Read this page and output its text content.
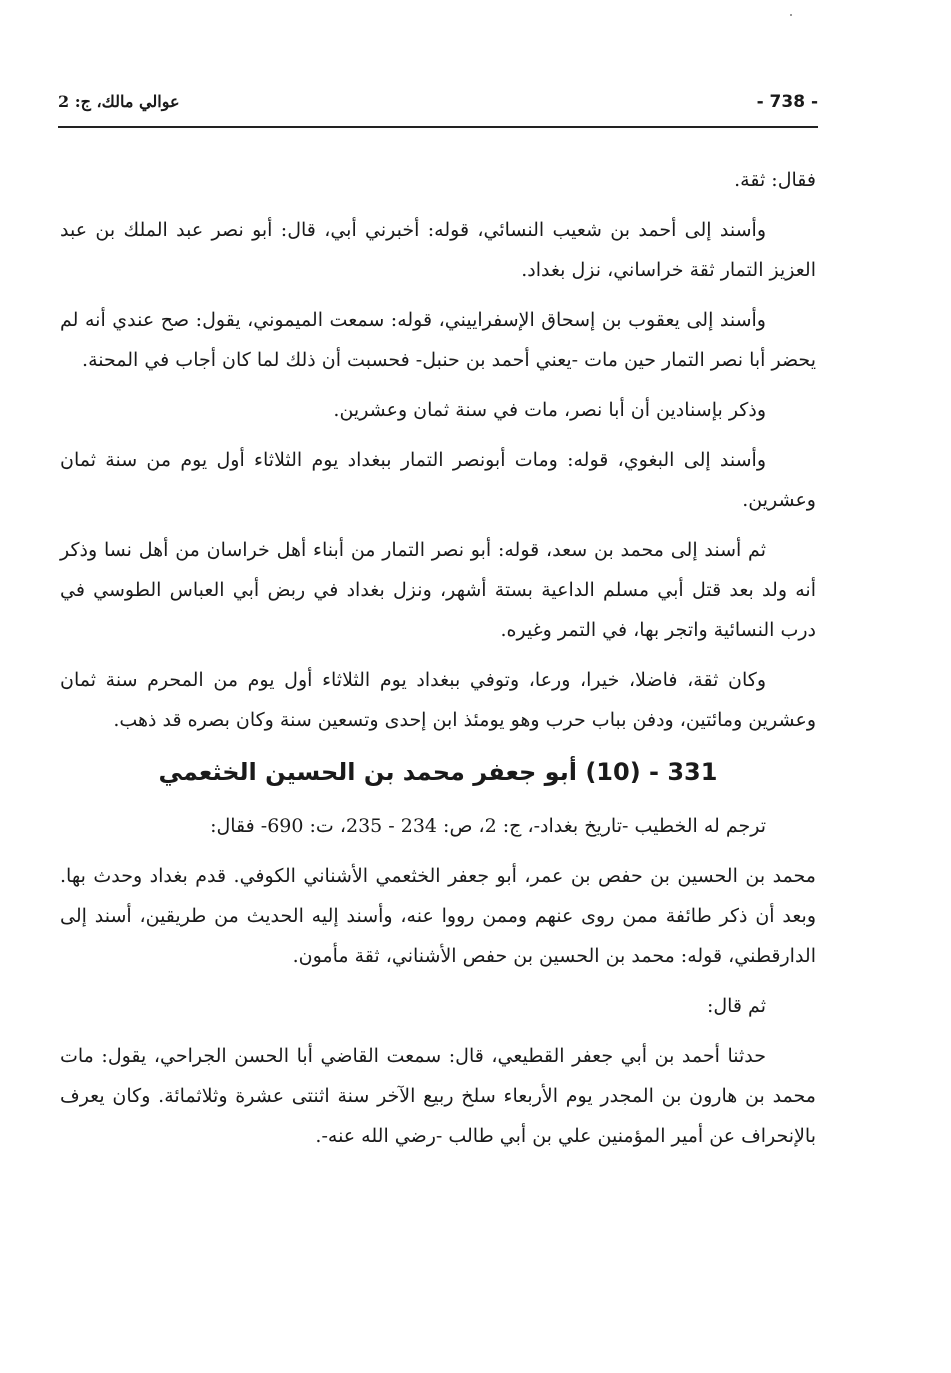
عوالي مالك، ج: 2	- 738 -

فقال: ثقة.

وأسند إلى أحمد بن شعيب النسائي، قوله: أخبرني أبي، قال: أبو نصر عبد الملك بن عبد العزيز التمار ثقة خراساني، نزل بغداد.

وأسند إلى يعقوب بن إسحاق الإسفراييني، قوله: سمعت الميموني، يقول: صح عندي أنه لم يحضر أبا نصر التمار حين مات -يعني أحمد بن حنبل- فحسبت أن ذلك لما كان أجاب في المحنة.

وذكر بإسنادين أن أبا نصر، مات في سنة ثمان وعشرين.

وأسند إلى البغوي، قوله: ومات أبونصر التمار ببغداد يوم الثلاثاء أول يوم من سنة ثمان وعشرين.

ثم أسند إلى محمد بن سعد، قوله: أبو نصر التمار من أبناء أهل خراسان من أهل نسا وذكر أنه ولد بعد قتل أبي مسلم الداعية بستة أشهر، ونزل بغداد في ربض أبي العباس الطوسي في درب النسائية واتجر بها، في التمر وغيره.

وكان ثقة، فاضلا، خيرا، ورعا، وتوفي ببغداد يوم الثلاثاء أول يوم من المحرم سنة ثمان وعشرين ومائتين، ودفن بباب حرب وهو يومئذ ابن إحدى وتسعين سنة وكان بصره قد ذهب.

331 - (10) أبو جعفر محمد بن الحسين الخثعمي

ترجم له الخطيب -تاريخ بغداد-، ج: 2، ص: 234 - 235، ت: 690- فقال:

محمد بن الحسين بن حفص بن عمر، أبو جعفر الخثعمي الأشناني الكوفي. قدم بغداد وحدث بها. وبعد أن ذكر طائفة ممن روى عنهم وممن رووا عنه، وأسند إليه الحديث من طريقين، أسند إلى الدارقطني، قوله: محمد بن الحسين بن حفص الأشناني، ثقة مأمون.

ثم قال:

حدثنا أحمد بن أبي جعفر القطيعي، قال: سمعت القاضي أبا الحسن الجراحي، يقول: مات محمد بن هارون بن المجدر يوم الأربعاء سلخ ربيع الآخر سنة اثنتى عشرة وثلاثمائة. وكان يعرف بالإنحراف عن أمير المؤمنين علي بن أبي طالب -رضي الله عنه-.
